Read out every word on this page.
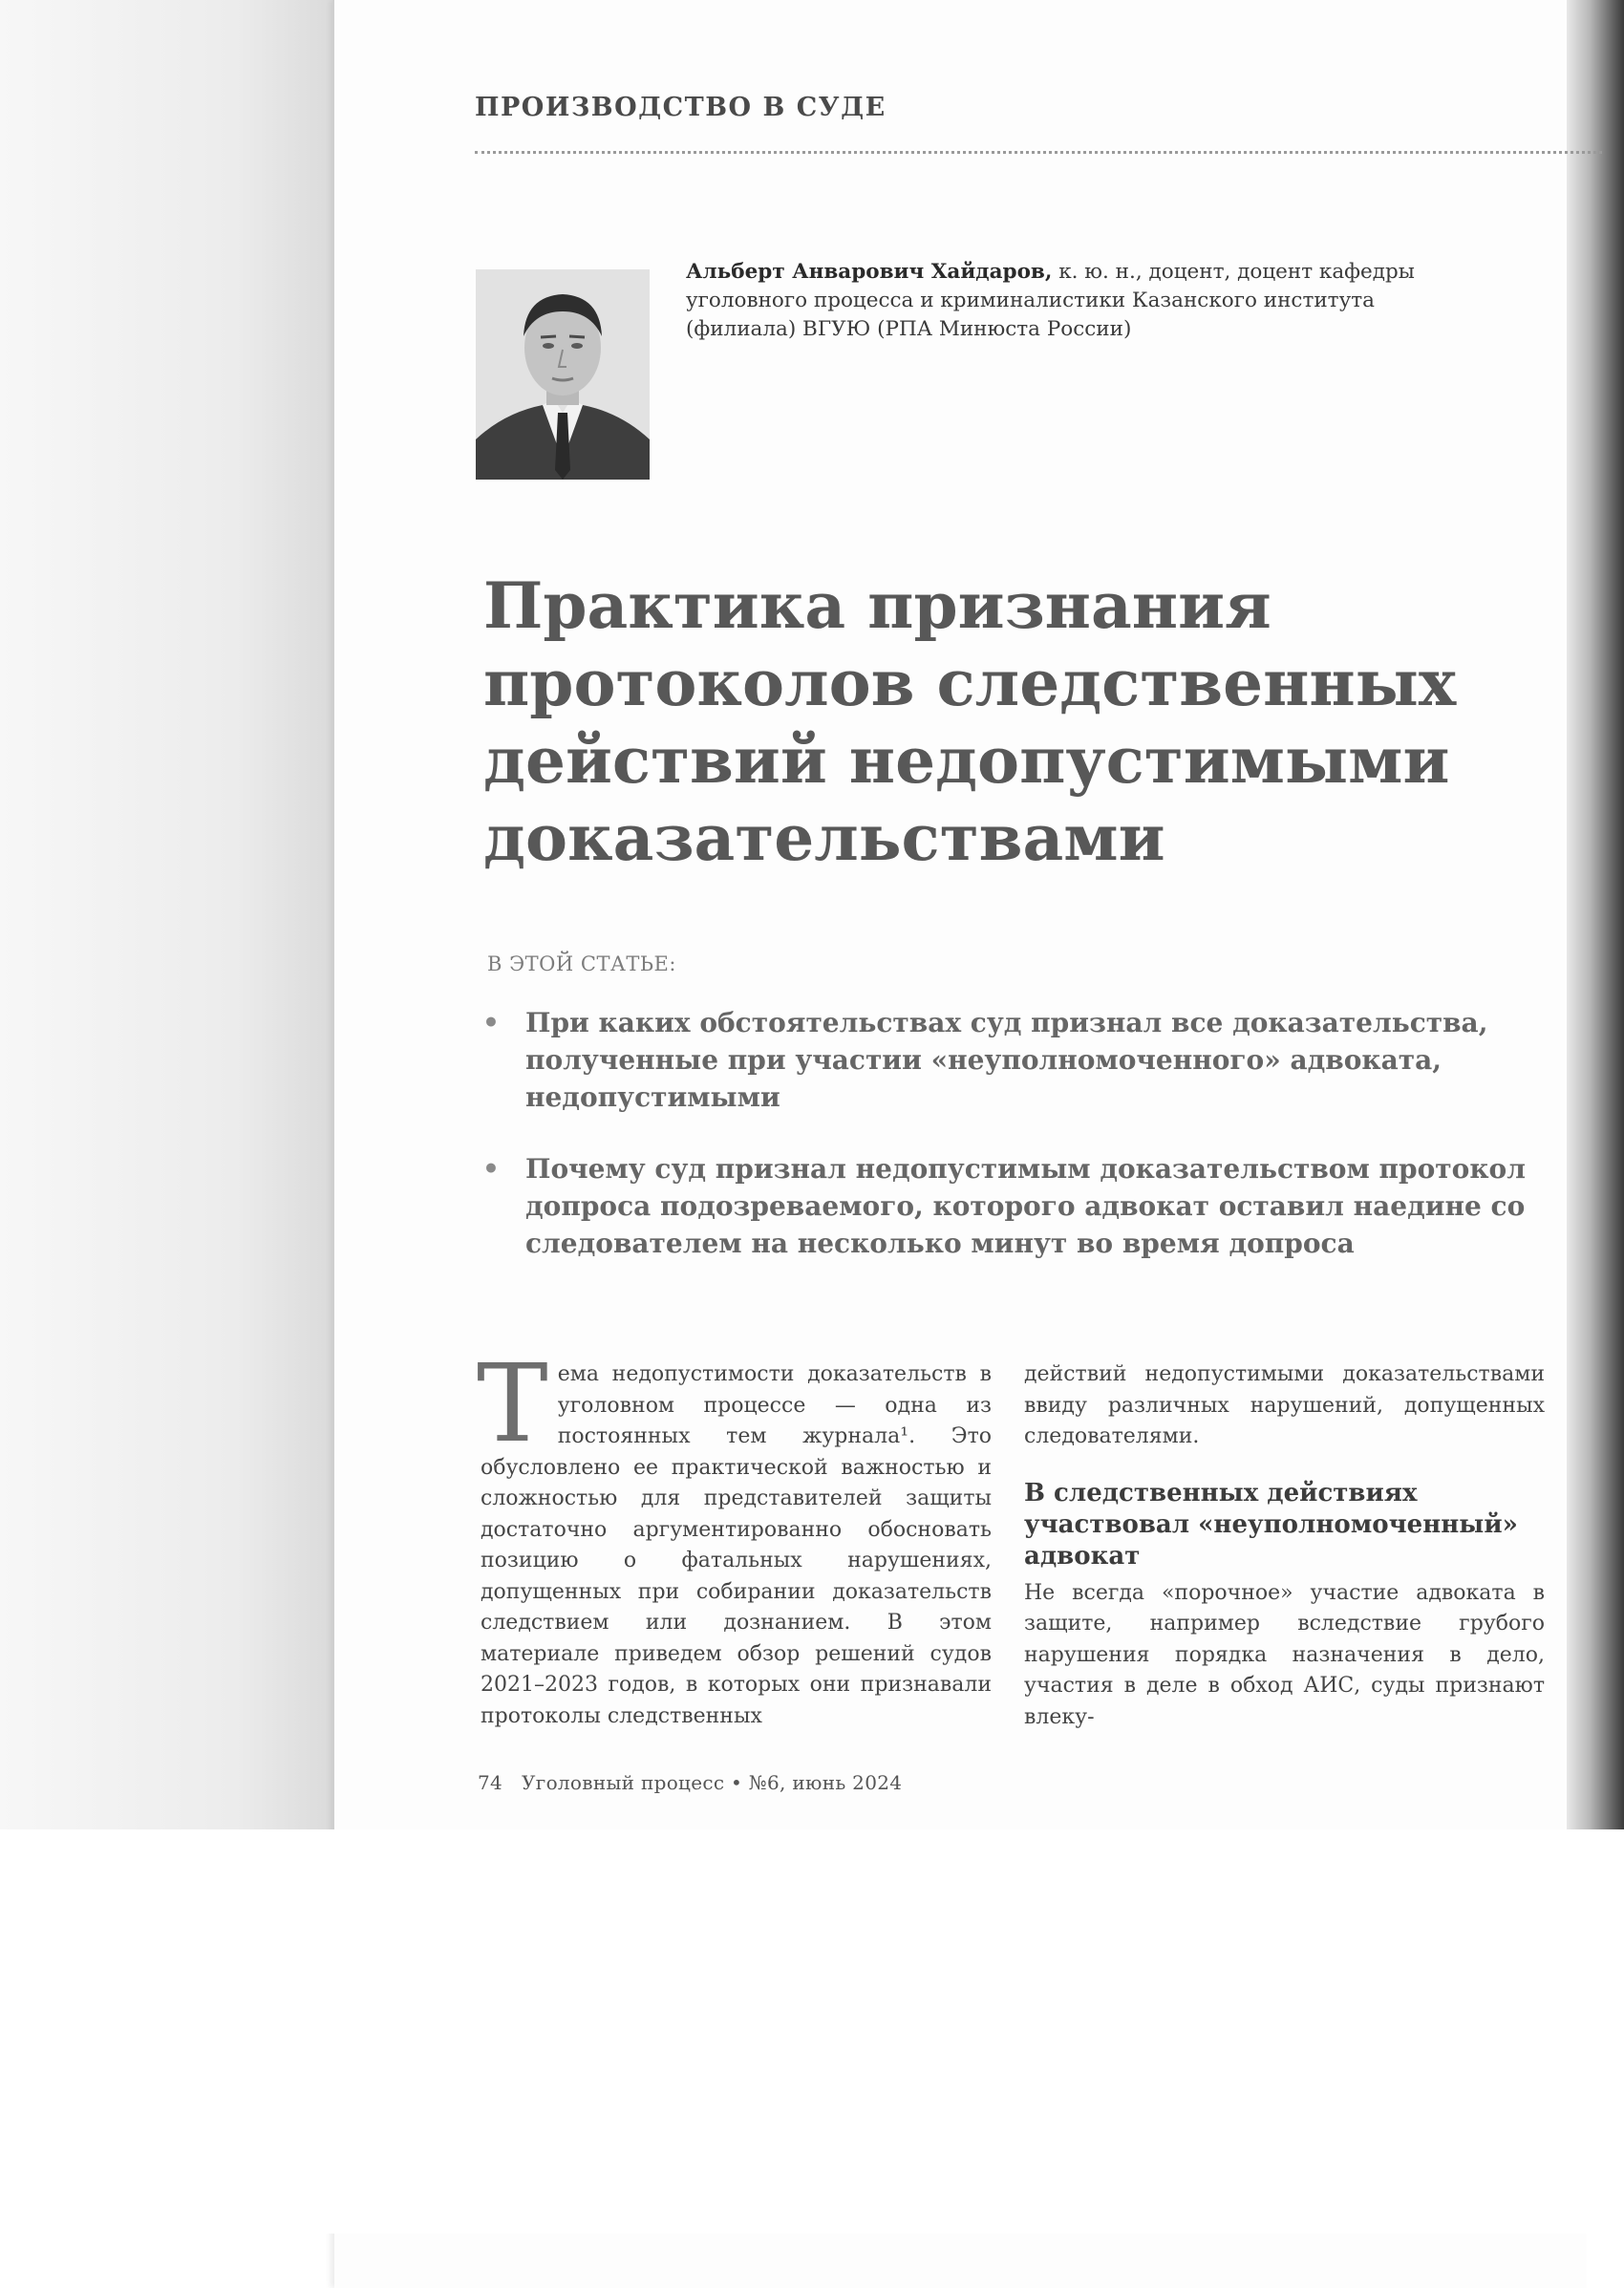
ПРОИЗВОДСТВО В СУДЕ
Альберт Анварович Хайдаров, к. ю. н., доцент, доцент кафедры уголовного процесса и криминалистики Казанского института (филиала) ВГУЮ (РПА Минюста России)
Практика признания протоколов следственных действий недопустимыми доказательствами
В ЭТОЙ СТАТЬЕ:
• При каких обстоятельствах суд признал все доказательства, полученные при участии «неуполномоченного» адвоката, недопустимыми
• Почему суд признал недопустимым доказательством протокол допроса подозреваемого, которого адвокат оставил наедине со следователем на несколько минут во время допроса

Тема недопустимости доказательств в уголовном процессе — одна из постоянных тем журнала¹. Это обусловлено ее практической важностью и сложностью для представителей защиты достаточно аргументированно обосновать позицию о фатальных нарушениях, допущенных при собирании доказательств следствием или дознанием. В этом материале приведем обзор решений судов 2021–2023 годов, в которых они признавали протоколы следственных

действий недопустимыми доказательствами ввиду различных нарушений, допущенных следователями.

В следственных действиях участвовал «неуполномоченный» адвокат

Не всегда «порочное» участие адвоката в защите, например вследствие грубого нарушения порядка назначения в дело, участия в деле в обход АИС, суды признают влеку-

74 Уголовный процесс • №6, июнь 2024
